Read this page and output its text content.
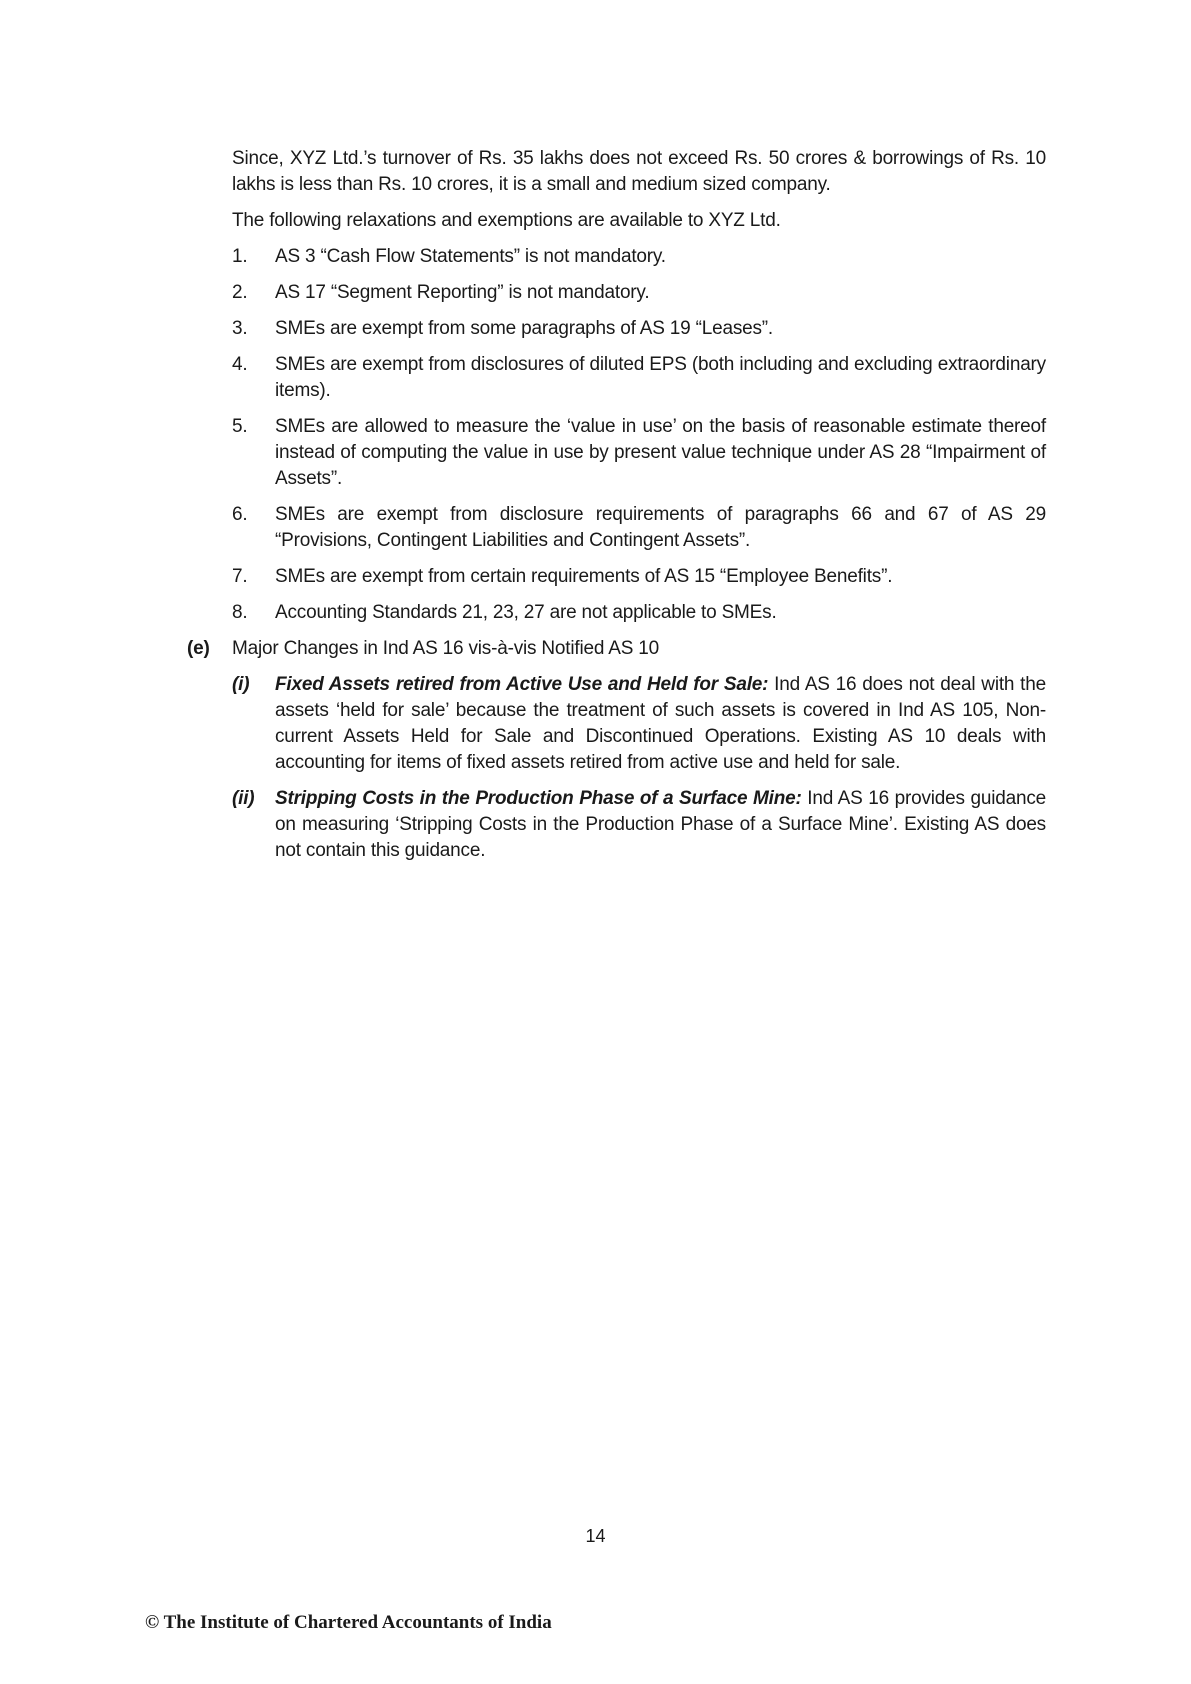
Since, XYZ Ltd.’s turnover of Rs. 35 lakhs does not exceed Rs. 50 crores & borrowings of Rs. 10 lakhs is less than Rs. 10 crores, it is a small and medium sized company.

The following relaxations and exemptions are available to XYZ Ltd.

1. AS 3 “Cash Flow Statements” is not mandatory.
2. AS 17 “Segment Reporting” is not mandatory.
3. SMEs are exempt from some paragraphs of AS 19 “Leases”.
4. SMEs are exempt from disclosures of diluted EPS (both including and excluding extraordinary items).
5. SMEs are allowed to measure the ‘value in use’ on the basis of reasonable estimate thereof instead of computing the value in use by present value technique under AS 28 “Impairment of Assets”.
6. SMEs are exempt from disclosure requirements of paragraphs 66 and 67 of AS 29 “Provisions, Contingent Liabilities and Contingent Assets”.
7. SMEs are exempt from certain requirements of AS 15 “Employee Benefits”.
8. Accounting Standards 21, 23, 27 are not applicable to SMEs.
(e) Major Changes in Ind AS 16 vis-à-vis Notified AS 10
(i) Fixed Assets retired from Active Use and Held for Sale: Ind AS 16 does not deal with the assets ‘held for sale’ because the treatment of such assets is covered in Ind AS 105, Non-current Assets Held for Sale and Discontinued Operations. Existing AS 10 deals with accounting for items of fixed assets retired from active use and held for sale.
(ii) Stripping Costs in the Production Phase of a Surface Mine: Ind AS 16 provides guidance on measuring ‘Stripping Costs in the Production Phase of a Surface Mine’. Existing AS does not contain this guidance.
14
© The Institute of Chartered Accountants of India
